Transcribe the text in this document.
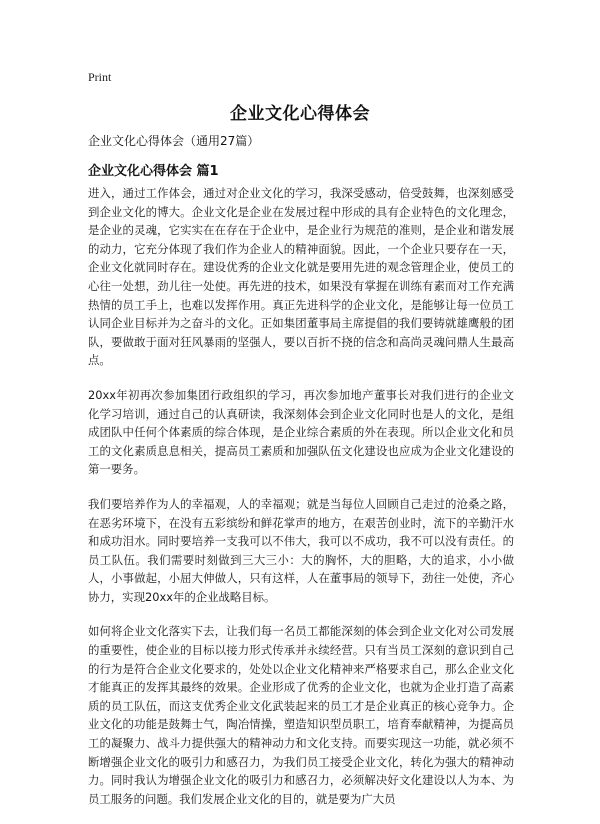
Print
企业文化心得体会
企业文化心得体会（通用27篇）
企业文化心得体会 篇1

进入，通过工作体会，通过对企业文化的学习，我深受感动，倍受鼓舞，也深刻感受到企业文化的博大。企业文化是企业在发展过程中形成的具有企业特色的文化理念，是企业的灵魂，它实实在在存在于企业中，是企业行为规范的准则，是企业和谐发展的动力，它充分体现了我们作为企业人的精神面貌。因此，一个企业只要存在一天，企业文化就同时存在。建设优秀的企业文化就是要用先进的观念管理企业，使员工的心往一处想，劲儿往一处使。再先进的技术，如果没有掌握在训练有素而对工作充满热情的员工手上，也难以发挥作用。真正先进科学的企业文化，是能够让每一位员工认同企业目标并为之奋斗的文化。正如集团董事局主席提倡的我们要铸就雄鹰般的团队，要做敢于面对狂风暴雨的坚强人，要以百折不挠的信念和高尚灵魂问鼎人生最高点。

20xx年初再次参加集团行政组织的学习，再次参加地产董事长对我们进行的企业文化学习培训，通过自己的认真研读，我深刻体会到企业文化同时也是人的文化，是组成团队中任何个体素质的综合体现，是企业综合素质的外在表现。所以企业文化和员工的文化素质息息相关，提高员工素质和加强队伍文化建设也应成为企业文化建设的第一要务。

我们要培养作为人的幸福观，人的幸福观；就是当每位人回顾自己走过的沧桑之路，在恶劣环境下，在没有五彩缤纷和鲜花掌声的地方，在艰苦创业时，流下的辛勤汗水和成功泪水。同时要培养一支我可以不伟大，我可以不成功，我不可以没有责任。的员工队伍。我们需要时刻做到三大三小：大的胸怀，大的胆略，大的追求，小小做人，小事做起，小屈大伸做人，只有这样，人在董事局的领导下，劲往一处使，齐心协力，实现20xx年的企业战略目标。

如何将企业文化落实下去，让我们每一名员工都能深刻的体会到企业文化对公司发展的重要性，使企业的目标以接力形式传承并永续经营。只有当员工深刻的意识到自己的行为是符合企业文化要求的，处处以企业文化精神来严格要求自己，那么企业文化才能真正的发挥其最终的效果。企业形成了优秀的企业文化，也就为企业打造了高素质的员工队伍，而这支优秀企业文化武装起来的员工才是企业真正的核心竞争力。企业文化的功能是鼓舞士气，陶冶情操，塑造知识型员职工，培育奉献精神，为提高员工的凝聚力、战斗力提供强大的精神动力和文化支持。而要实现这一功能，就必须不断增强企业文化的吸引力和感召力，为我们员工接受企业文化，转化为强大的精神动力。同时我认为增强企业文化的吸引力和感召力，必须解决好文化建设以人为本、为员工服务的问题。我们发展企业文化的目的，就是要为广大员
